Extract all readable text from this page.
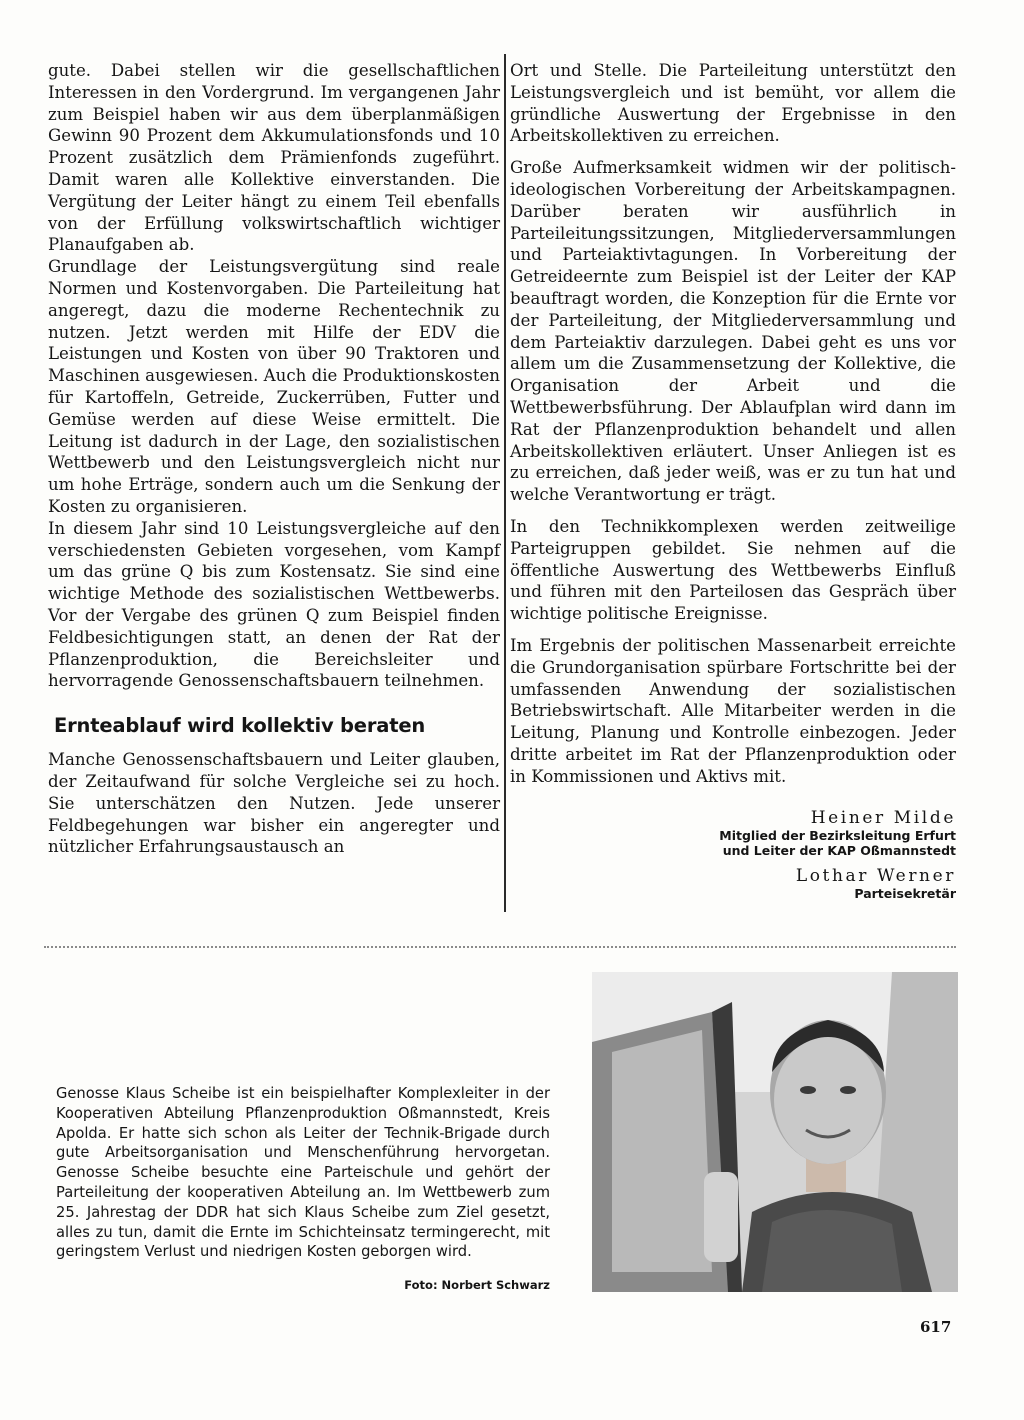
gute. Dabei stellen wir die gesellschaftlichen Interessen in den Vordergrund. Im vergangenen Jahr zum Beispiel haben wir aus dem überplanmäßigen Gewinn 90 Prozent dem Akkumulationsfonds und 10 Prozent zusätzlich dem Prämienfonds zugeführt. Damit waren alle Kollektive einverstanden. Die Vergütung der Leiter hängt zu einem Teil ebenfalls von der Erfüllung volkswirtschaftlich wichtiger Planaufgaben ab.

Grundlage der Leistungsvergütung sind reale Normen und Kostenvorgaben. Die Parteileitung hat angeregt, dazu die moderne Rechentechnik zu nutzen. Jetzt werden mit Hilfe der EDV die Leistungen und Kosten von über 90 Traktoren und Maschinen ausgewiesen. Auch die Produktionskosten für Kartoffeln, Getreide, Zuckerrüben, Futter und Gemüse werden auf diese Weise ermittelt. Die Leitung ist dadurch in der Lage, den sozialistischen Wettbewerb und den Leistungsvergleich nicht nur um hohe Erträge, sondern auch um die Senkung der Kosten zu organisieren.

In diesem Jahr sind 10 Leistungsvergleiche auf den verschiedensten Gebieten vorgesehen, vom Kampf um das grüne Q bis zum Kostensatz. Sie sind eine wichtige Methode des sozialistischen Wettbewerbs. Vor der Vergabe des grünen Q zum Beispiel finden Feldbesichtigungen statt, an denen der Rat der Pflanzenproduktion, die Bereichsleiter und hervorragende Genossenschaftsbauern teilnehmen.

Ernteablauf wird kollektiv beraten

Manche Genossenschaftsbauern und Leiter glauben, der Zeitaufwand für solche Vergleiche sei zu hoch. Sie unterschätzen den Nutzen. Jede unserer Feldbegehungen war bisher ein angeregter und nützlicher Erfahrungsaustausch an

Ort und Stelle. Die Parteileitung unterstützt den Leistungsvergleich und ist bemüht, vor allem die gründliche Auswertung der Ergebnisse in den Arbeitskollektiven zu erreichen.

Große Aufmerksamkeit widmen wir der politisch-ideologischen Vorbereitung der Arbeitskampagnen. Darüber beraten wir ausführlich in Parteileitungssitzungen, Mitgliederversammlungen und Parteiaktivtagungen. In Vorbereitung der Getreideernte zum Beispiel ist der Leiter der KAP beauftragt worden, die Konzeption für die Ernte vor der Parteileitung, der Mitgliederversammlung und dem Parteiaktiv darzulegen. Dabei geht es uns vor allem um die Zusammensetzung der Kollektive, die Organisation der Arbeit und die Wettbewerbsführung. Der Ablaufplan wird dann im Rat der Pflanzenproduktion behandelt und allen Arbeitskollektiven erläutert. Unser Anliegen ist es zu erreichen, daß jeder weiß, was er zu tun hat und welche Verantwortung er trägt.

In den Technikkomplexen werden zeitweilige Parteigruppen gebildet. Sie nehmen auf die öffentliche Auswertung des Wettbewerbs Einfluß und führen mit den Parteilosen das Gespräch über wichtige politische Ereignisse.

Im Ergebnis der politischen Massenarbeit erreichte die Grundorganisation spürbare Fortschritte bei der umfassenden Anwendung der sozialistischen Betriebswirtschaft. Alle Mitarbeiter werden in die Leitung, Planung und Kontrolle einbezogen. Jeder dritte arbeitet im Rat der Pflanzenproduktion oder in Kommissionen und Aktivs mit.

Heiner Milde
Mitglied der Bezirksleitung Erfurt
und Leiter der KAP Oßmannstedt
Lothar Werner
Parteisekretär
Genosse Klaus Scheibe ist ein beispielhafter Komplexleiter in der Kooperativen Abteilung Pflanzenproduktion Oßmannstedt, Kreis Apolda. Er hatte sich schon als Leiter der Technik-Brigade durch gute Arbeitsorganisation und Menschenführung hervorgetan. Genosse Scheibe besuchte eine Parteischule und gehört der Parteileitung der kooperativen Abteilung an. Im Wettbewerb zum 25. Jahrestag der DDR hat sich Klaus Scheibe zum Ziel gesetzt, alles zu tun, damit die Ernte im Schichteinsatz termingerecht, mit geringstem Verlust und niedrigen Kosten geborgen wird.
Foto: Norbert Schwarz
617
